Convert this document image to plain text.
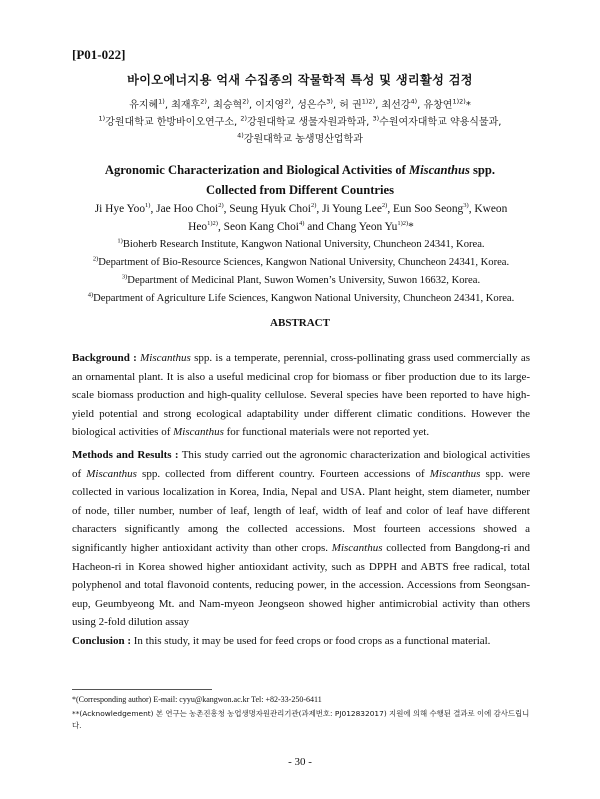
[P01-022]
바이오에너지용 억새 수집종의 작물학적 특성 및 생리활성 검정
유지혜$^{1)}$, 최재후$^{2)}$, 최승혁$^{2)}$, 이지영$^{2)}$, 성은수$^{3)}$, 허 권$^{1)2)}$, 최선강$^{4)}$, 유창연$^{1)2)}$*
$^{1)}$강원대학교 한방바이오연구소, $^{2)}$강원대학교 생물자원과학과, $^{3)}$수원여자대학교 약용식물과,
$^{4)}$강원대학교 농생명산업학과
Agronomic Characterization and Biological Activities of Miscanthus spp.
Collected from Different Countries
Ji Hye Yoo$^{1)}$, Jae Hoo Choi$^{2)}$, Seung Hyuk Choi$^{2)}$, Ji Young Lee$^{2)}$, Eun Soo Seong$^{3)}$, Kweon
Heo$^{1)2)}$, Seon Kang Choi$^{4)}$ and Chang Yeon $Yu^{1)2)}*$
$^{1)}$Bioherb Research Institute, Kangwon National University, Chuncheon 24341, Korea.
$^{2)}$Department of Bio-Resource Sciences, Kangwon National University, Chuncheon 24341, Korea.
$^{3)}$Department of Medicinal Plant, Suwon Women’s University, Suwon 16632, Korea.
$^{4)}$Department of Agriculture Life Sciences, Kangwon National University, Chuncheon 24341, Korea.
ABSTRACT
Background : Miscanthus spp. is a temperate, perennial, cross-pollinating grass used commercially as an ornamental plant. It is also a useful medicinal crop for biomass or fiber production due to its large-scale biomass production and high-quality cellulose. Several species have been reported to have high-yield potential and strong ecological adaptability under different climatic conditions. However the biological activities of Miscanthus for functional materials were not reported yet.
Methods and Results : This study carried out the agronomic characterization and biological activities of Miscanthus spp. collected from different country. Fourteen accessions of Miscanthus spp. were collected in various localization in Korea, India, Nepal and USA. Plant height, stem diameter, number of node, tiller number, number of leaf, length of leaf, width of leaf and color of leaf have different characters significantly among the collected accessions. Most fourteen accessions showed a significantly higher antioxidant activity than other crops. Miscanthus collected from Bangdong-ri and Hacheon-ri in Korea showed higher antioxidant activity, such as DPPH and ABTS free radical, total polyphenol and total flavonoid contents, reducing power, in the accession. Accessions from Seongsan-eup, Geumbyeong Mt. and Nam-myeon Jeongseon showed higher antimicrobial activity than others using 2-fold dilution assay
Conclusion : In this study, it may be used for feed crops or food crops as a functional material.
*(Corresponding author) E-mail: cyyu@kangwon.ac.kr Tel: +82-33-250-6411
**(Acknowledgement) 본 연구는 농촌진흥청 농업생명자원관리기관(과제번호: PJ012832017) 지원에 의해 수행된 결과로 이에 감사드립니다.
- 30 -
